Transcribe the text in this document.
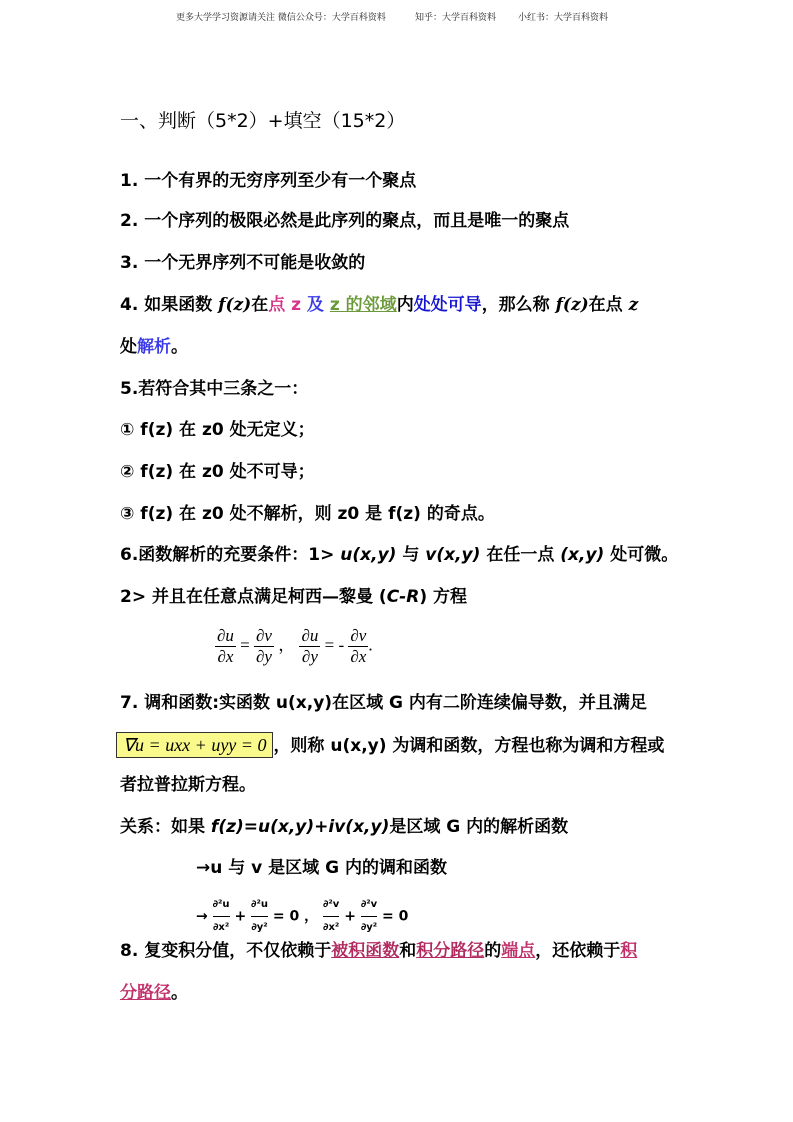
更多大学学习资源请关注 微信公众号：大学百科资料	知乎：大学百科资料 小红书：大学百科资料
一、判断（5*2）+填空（15*2）
1. 一个有界的无穷序列至少有一个聚点
2. 一个序列的极限必然是此序列的聚点，而且是唯一的聚点
3. 一个无界序列不可能是收敛的
4. 如果函数 f(z)在点 z 及 z 的邻域内处处可导，那么称 f(z)在点 z
处解析。
5.若符合其中三条之一：
① f(z) 在 z0 处无定义；
② f(z) 在 z0 处不可导；
③ f(z) 在 z0 处不解析，则 z0 是 f(z) 的奇点。
6.函数解析的充要条件：1> u(x,y) 与 v(x,y) 在任一点 (x,y) 处可微。
2> 并且在任意点满足柯西—黎曼 (C-R) 方程
$\frac{\partial u}{\partial x} = \frac{\partial v}{\partial y}$ ， $\frac{\partial u}{\partial y}$ = - $\frac{\partial v}{\partial x}$ .
7. 调和函数:实函数 u(x,y)在区域 G 内有二阶连续偏导数，并且满足
∇u = uxx + uyy = 0 ，则称 u(x,y) 为调和函数，方程也称为调和方程或
者拉普拉斯方程。
关系：如果 f(z)=u(x,y)+iv(x,y)是区域 G 内的解析函数
→u 与 v 是区域 G 内的调和函数
→ $\frac{\text{∂²u}}{\text{∂x²}} + \frac{\text{∂²u}}{\text{∂y²}} = 0$ ， $\frac{\text{∂²v}}{\text{∂x²}} + \frac{\text{∂²v}}{\text{∂y²}} = 0$
8. 复变积分值，不仅依赖于被积函数和积分路径的端点，还依赖于积
分路径。
